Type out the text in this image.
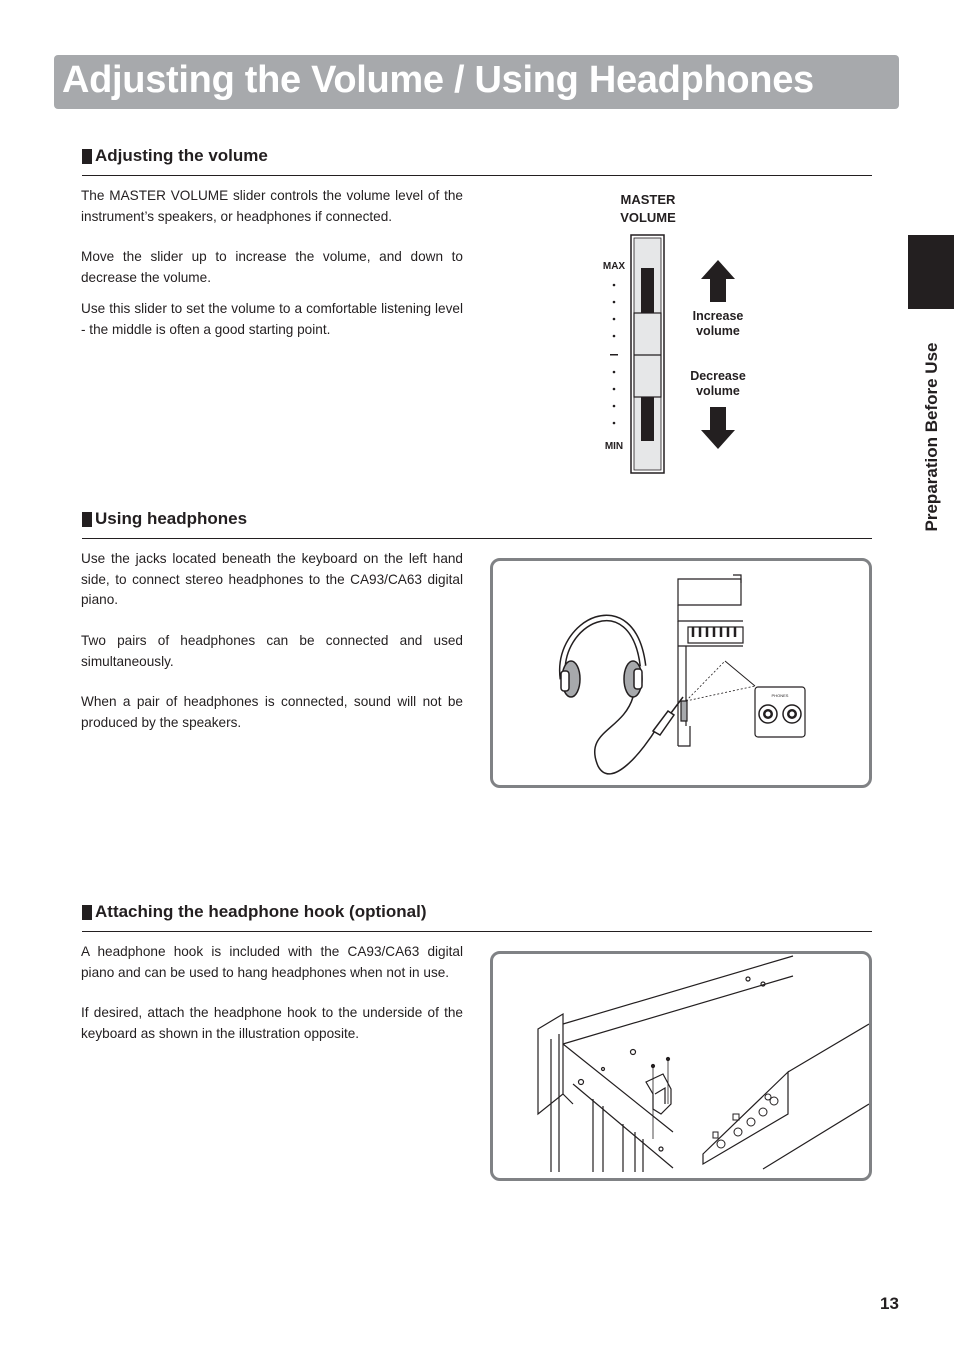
Adjusting the Volume / Using Headphones
Preparation Before Use
Adjusting the volume

The MASTER VOLUME slider controls the volume level of the instrument’s speakers, or headphones if connected.

Move the slider up to increase the volume, and down to decrease the volume.

Use this slider to set the volume to a comfortable listening level - the middle is often a good starting point.

MASTER
VOLUME
MAX
MIN
Increase
volume
Decrease
volume
Using headphones

Use the jacks located beneath the keyboard on the left hand side, to connect stereo headphones to the CA93/CA63 digital piano.

Two pairs of headphones can be connected and used simultaneously.

When a pair of headphones is connected, sound will not be produced by the speakers.

PHONES
Attaching the headphone hook (optional)

A headphone hook is included with the CA93/CA63 digital piano and can be used to hang headphones when not in use.

If desired, attach the headphone hook to the underside of the keyboard as shown in the illustration opposite.

13
